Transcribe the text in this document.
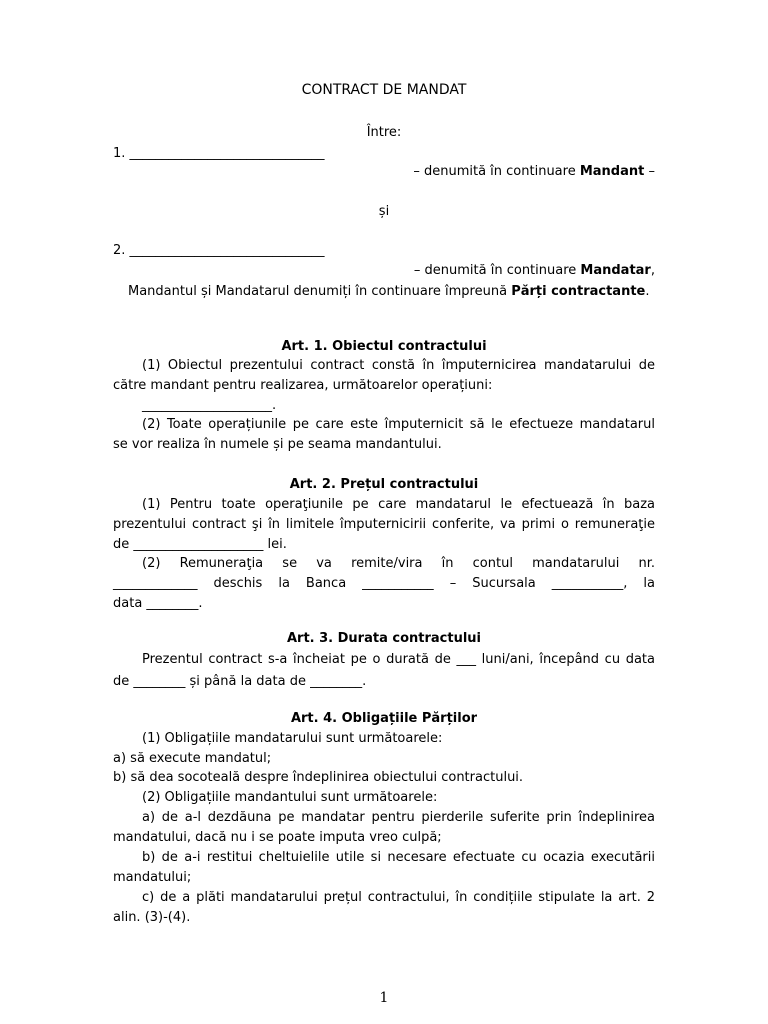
CONTRACT DE MANDAT
Între:
1. ______________________________
– denumită în continuare Mandant –
și
2. ______________________________
– denumită în continuare Mandatar,
Mandantul și Mandatarul denumiți în continuare împreună Părți contractante.
Art. 1. Obiectul contractului
(1) Obiectul prezentului contract constă în împuternicirea mandatarului de
către mandant pentru realizarea, următoarelor operațiuni:
____________________.
(2) Toate operațiunile pe care este împuternicit să le efectueze mandatarul
se vor realiza în numele și pe seama mandantului.
Art. 2. Prețul contractului
(1) Pentru toate operaţiunile pe care mandatarul le efectuează în baza
prezentului contract şi în limitele împuternicirii conferite, va primi o remuneraţie
de ____________________ lei.
(2) Remuneraţia se va remite/vira în contul mandatarului nr.
_____________ deschis la Banca ___________ – Sucursala ___________, la
data ________.
Art. 3. Durata contractului
Prezentul contract s-a încheiat pe o durată de ___ luni/ani, începând cu data
de ________ și până la data de ________.
Art. 4. Obligațiile Părților
(1) Obligațiile mandatarului sunt următoarele:
a) să execute mandatul;
b) să dea socoteală despre îndeplinirea obiectului contractului.
(2) Obligațiile mandantului sunt următoarele:
a) de a-l dezdăuna pe mandatar pentru pierderile suferite prin îndeplinirea
mandatului, dacă nu i se poate imputa vreo culpă;
b) de a-i restitui cheltuielile utile si necesare efectuate cu ocazia executării
mandatului;
c) de a plăti mandatarului prețul contractului, în condițiile stipulate la art. 2
alin. (3)-(4).
1
